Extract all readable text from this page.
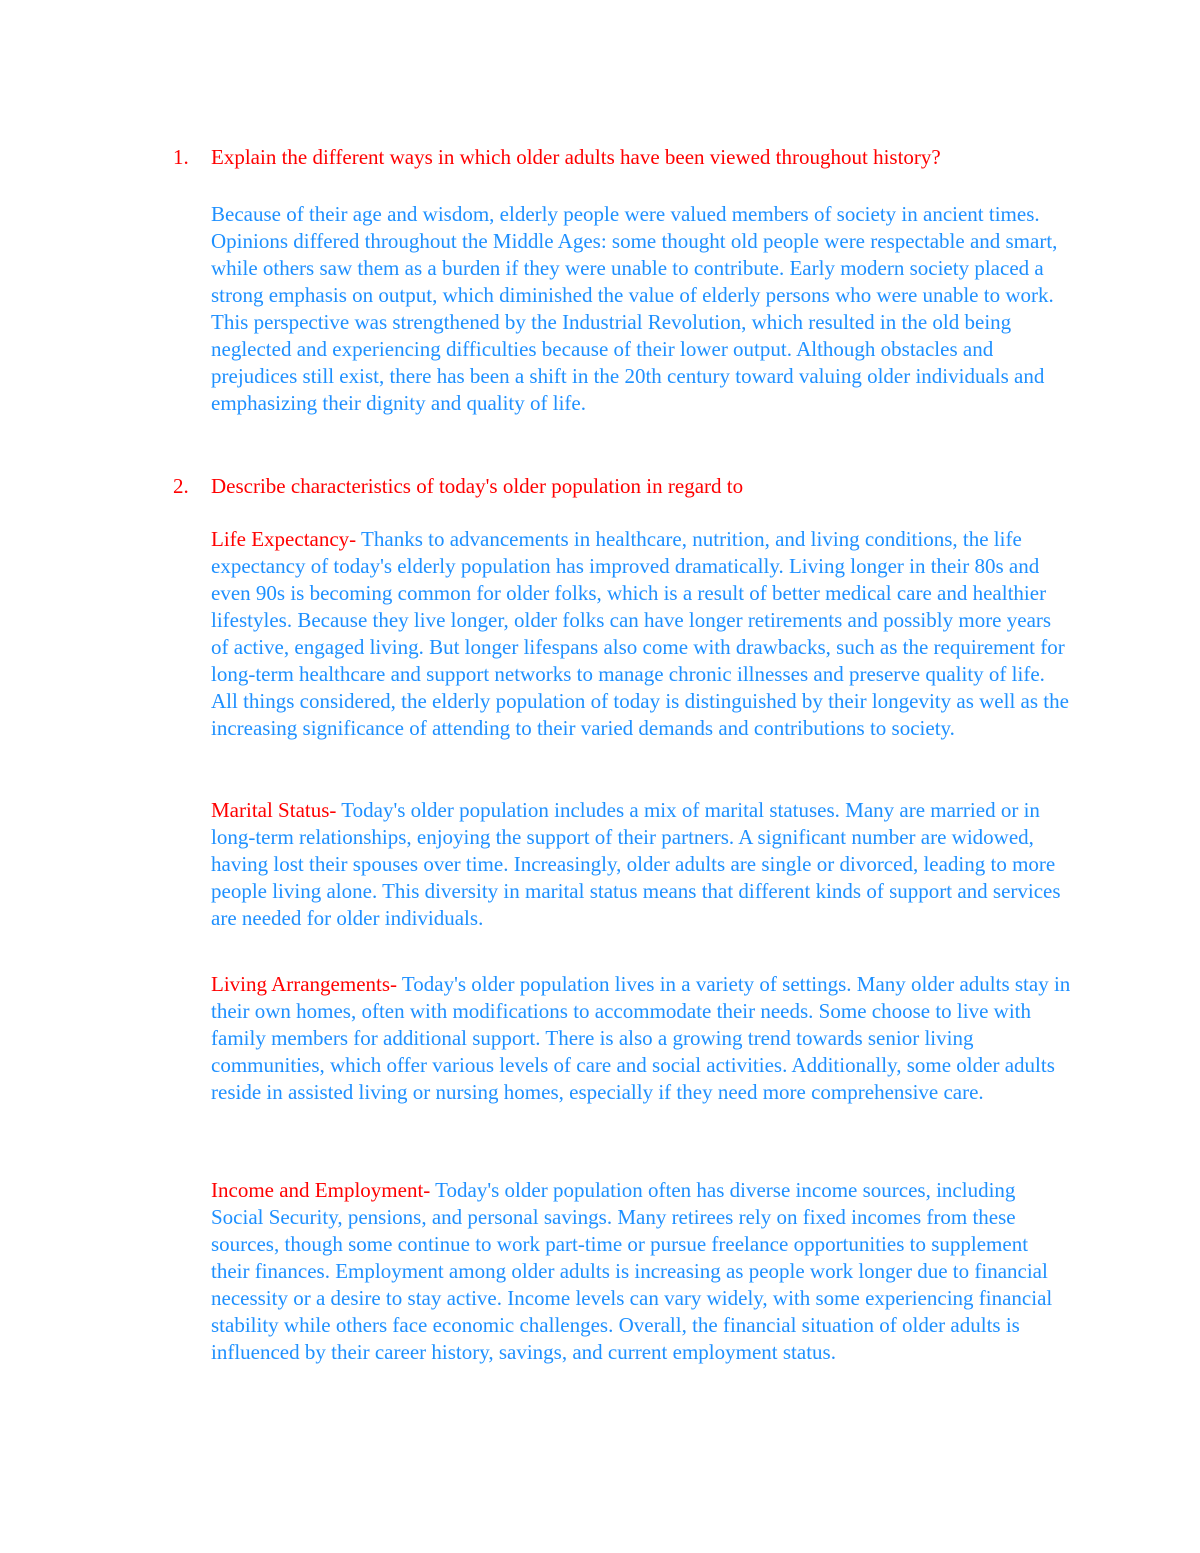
1. Explain the different ways in which older adults have been viewed throughout history?
Because of their age and wisdom, elderly people were valued members of society in ancient times. Opinions differed throughout the Middle Ages: some thought old people were respectable and smart, while others saw them as a burden if they were unable to contribute. Early modern society placed a strong emphasis on output, which diminished the value of elderly persons who were unable to work. This perspective was strengthened by the Industrial Revolution, which resulted in the old being neglected and experiencing difficulties because of their lower output. Although obstacles and prejudices still exist, there has been a shift in the 20th century toward valuing older individuals and emphasizing their dignity and quality of life.
2. Describe characteristics of today's older population in regard to
Life Expectancy- Thanks to advancements in healthcare, nutrition, and living conditions, the life expectancy of today's elderly population has improved dramatically. Living longer in their 80s and even 90s is becoming common for older folks, which is a result of better medical care and healthier lifestyles. Because they live longer, older folks can have longer retirements and possibly more years of active, engaged living. But longer lifespans also come with drawbacks, such as the requirement for long-term healthcare and support networks to manage chronic illnesses and preserve quality of life. All things considered, the elderly population of today is distinguished by their longevity as well as the increasing significance of attending to their varied demands and contributions to society.
Marital Status- Today's older population includes a mix of marital statuses. Many are married or in long-term relationships, enjoying the support of their partners. A significant number are widowed, having lost their spouses over time. Increasingly, older adults are single or divorced, leading to more people living alone. This diversity in marital status means that different kinds of support and services are needed for older individuals.
Living Arrangements- Today's older population lives in a variety of settings. Many older adults stay in their own homes, often with modifications to accommodate their needs. Some choose to live with family members for additional support. There is also a growing trend towards senior living communities, which offer various levels of care and social activities. Additionally, some older adults reside in assisted living or nursing homes, especially if they need more comprehensive care.
Income and Employment- Today's older population often has diverse income sources, including Social Security, pensions, and personal savings. Many retirees rely on fixed incomes from these sources, though some continue to work part-time or pursue freelance opportunities to supplement their finances. Employment among older adults is increasing as people work longer due to financial necessity or a desire to stay active. Income levels can vary widely, with some experiencing financial stability while others face economic challenges. Overall, the financial situation of older adults is influenced by their career history, savings, and current employment status.
